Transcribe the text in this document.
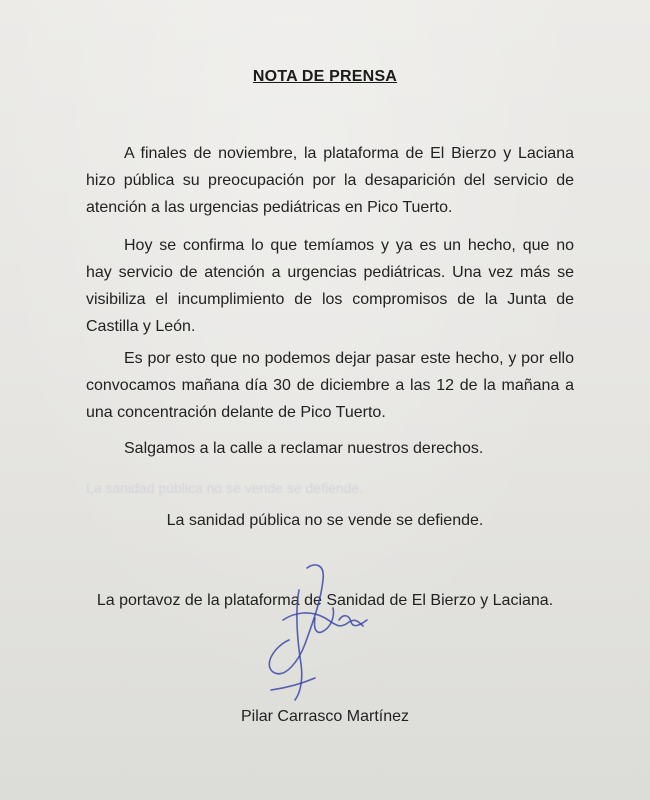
NOTA DE PRENSA

A finales de noviembre, la plataforma de El Bierzo y Laciana hizo pública su preocupación por la desaparición del servicio de atención a las urgencias pediátricas en Pico Tuerto.

Hoy se confirma lo que temíamos y ya es un hecho, que no hay servicio de atención a urgencias pediátricas. Una vez más se visibiliza el incumplimiento de los compromisos de la Junta de Castilla y León.

Es por esto que no podemos dejar pasar este hecho, y por ello convocamos mañana día 30 de diciembre a las 12 de la mañana a una concentración delante de Pico Tuerto.

Salgamos a la calle a reclamar nuestros derechos.

La sanidad pública no se vende se defiende.

La sanidad pública no se vende se defiende.

La portavoz de la plataforma de Sanidad de El Bierzo y Laciana.

Pilar Carrasco Martínez
